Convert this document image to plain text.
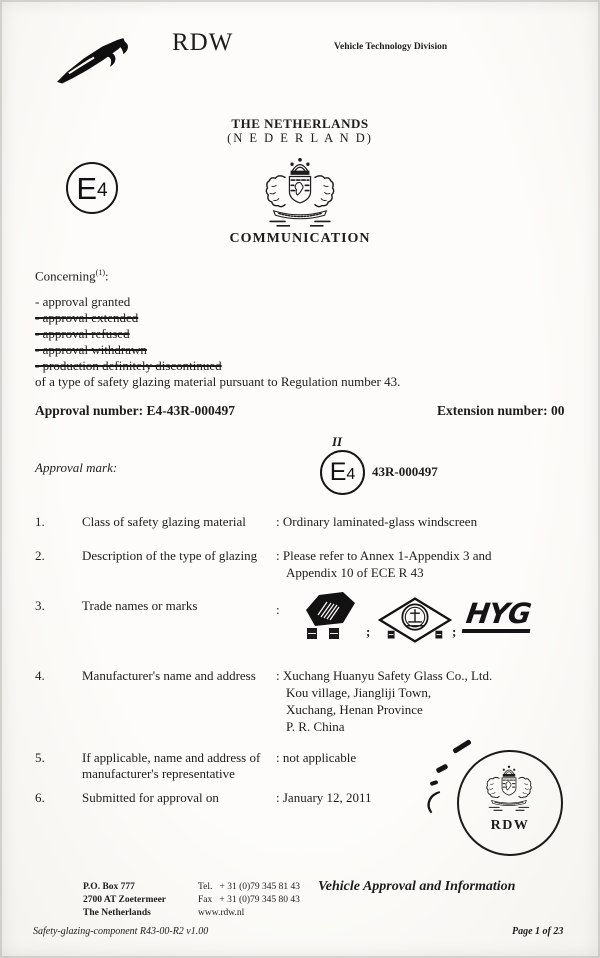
RDW	Vehicle Technology Division
THE NETHERLANDS
(N E D E R L A N D)
E 4
COMMUNICATION
Concerning$^{(1)}$:
- approval granted
- approval extended
- approval refused
- approval withdrawn
- production definitely discontinued
of a type of safety glazing material pursuant to Regulation number 43.
Approval number: E4-43R-000497	Extension number: 00
Approval mark:
II
E 4 43R-000497
1.	Class of safety glazing material : Ordinary laminated-glass windscreen
2.	Description of the type of glazing : Please refer to Annex 1-Appendix 3 and
Appendix 10 of ECE R 43
3.	Trade names or marks	:
;	;
HYG
4.	Manufacturer's name and address : Xuchang Huanyu Safety Glass Co., Ltd.
Kou village, Jiangliji Town,
Xuchang, Henan Province
P. R. China
5.	If applicable, name and address of
manufacturer's representative
: not applicable
6.	Submitted for approval on	: January 12, 2011
RDW
P.O. Box 777
2700 AT Zoetermeer
The Netherlands
Tel.   + 31 (0)79 345 81 43
Fax   + 31 (0)79 345 80 43
www.rdw.nl
Vehicle Approval and Information
Safety-glazing-component R43-00-R2 v1.00	Page 1 of 23
